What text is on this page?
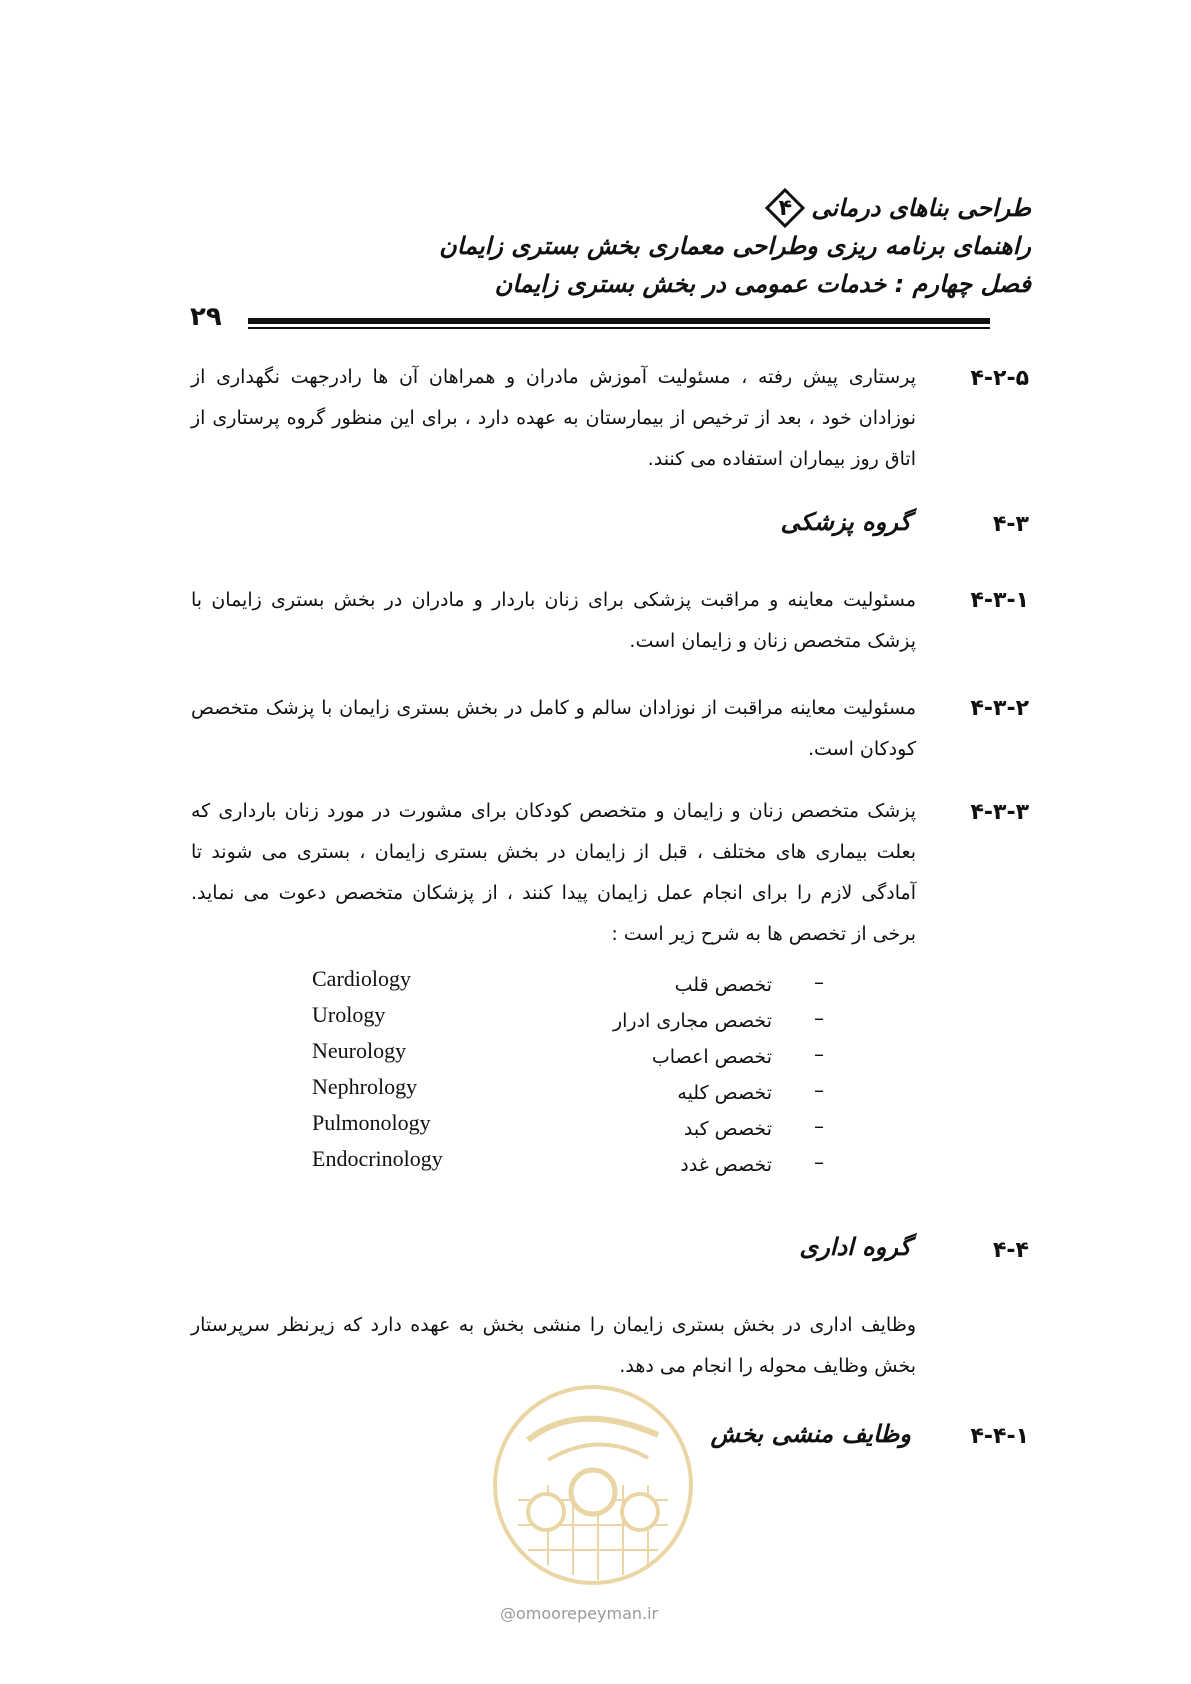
طراحی بناهای درمانی
۴
راهنمای برنامه ریزی وطراحی معماری بخش بستری زایمان
فصل چهارم : خدمات عمومی در بخش بستری زایمان
۲۹
۴-۲-۵
پرستاری پیش رفته ، مسئولیت آموزش مادران و همراهان آن ها رادرجهت نگهداری از نوزادان خود ، بعد از ترخیص از بیمارستان به عهده دارد ، برای این منظور گروه پرستاری از اتاق روز بیماران استفاده می کنند.
۴-۳
گروه پزشکی
۴-۳-۱
مسئولیت معاینه و مراقبت پزشکی برای زنان باردار و مادران در بخش بستری زایمان با پزشک متخصص زنان و زایمان است.
۴-۳-۲
مسئولیت معاینه مراقبت از نوزادان سالم و کامل در بخش بستری زایمان با پزشک متخصص کودکان است.
۴-۳-۳
پزشک متخصص زنان و زایمان و متخصص کودکان برای مشورت در مورد زنان بارداری که بعلت بیماری های مختلف ، قبل از زایمان در بخش بستری زایمان ، بستری می شوند تا آمادگی لازم را برای انجام عمل زایمان پیدا کنند ، از پزشکان متخصص دعوت می نماید. برخی از تخصص ها به شرح زیر است :
Cardiology	تخصص قلب –
Urology	تخصص مجاری ادرار –
Neurology	تخصص اعصاب –
Nephrology	تخصص کلیه –
Pulmonology	تخصص کبد –
Endocrinology	تخصص غدد –
۴-۴
گروه اداری
وظایف اداری در بخش بستری زایمان را منشی بخش به عهده دارد که زیرنظر سرپرستار بخش وظایف محوله را انجام می دهد.
۴-۴-۱
وظایف منشی بخش
@omoorepeyman.ir
